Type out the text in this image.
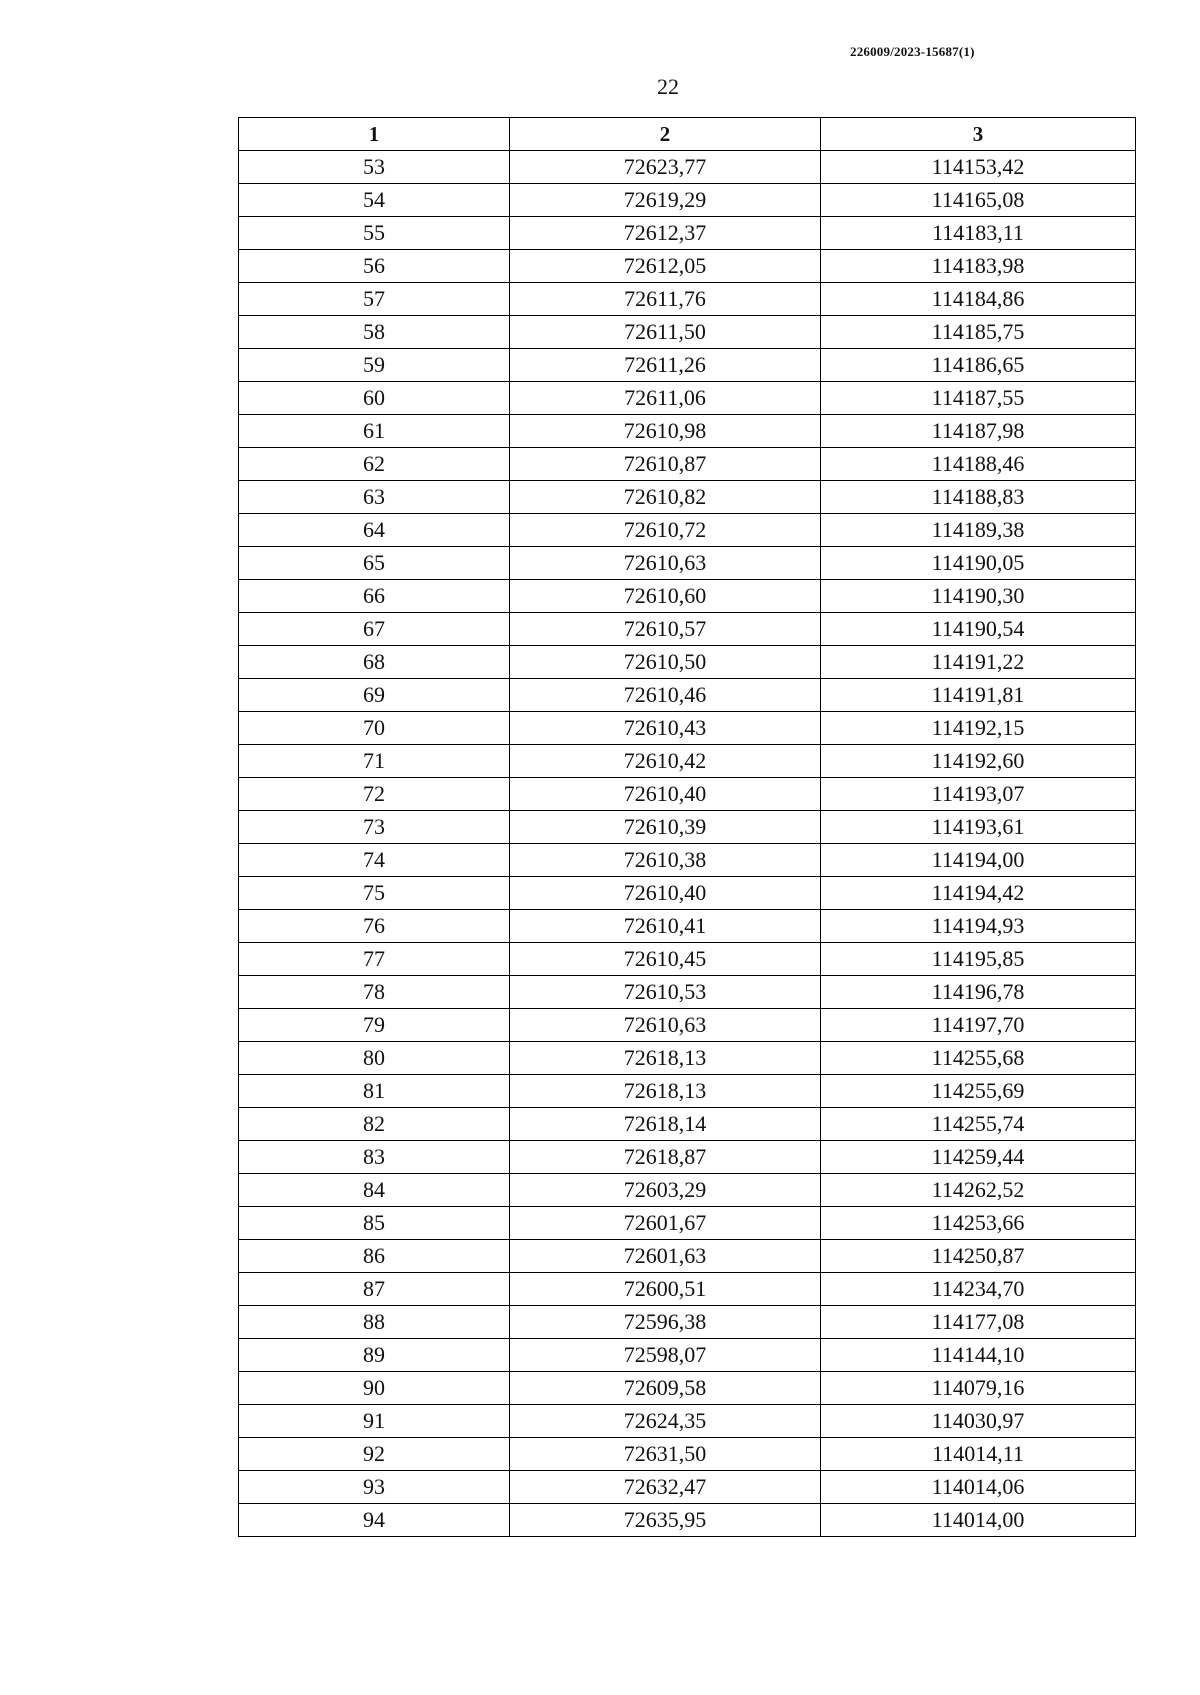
226009/2023-15687(1)
22
1	2	3
53	72623,77	114153,42
54	72619,29	114165,08
55	72612,37	114183,11
56	72612,05	114183,98
57	72611,76	114184,86
58	72611,50	114185,75
59	72611,26	114186,65
60	72611,06	114187,55
61	72610,98	114187,98
62	72610,87	114188,46
63	72610,82	114188,83
64	72610,72	114189,38
65	72610,63	114190,05
66	72610,60	114190,30
67	72610,57	114190,54
68	72610,50	114191,22
69	72610,46	114191,81
70	72610,43	114192,15
71	72610,42	114192,60
72	72610,40	114193,07
73	72610,39	114193,61
74	72610,38	114194,00
75	72610,40	114194,42
76	72610,41	114194,93
77	72610,45	114195,85
78	72610,53	114196,78
79	72610,63	114197,70
80	72618,13	114255,68
81	72618,13	114255,69
82	72618,14	114255,74
83	72618,87	114259,44
84	72603,29	114262,52
85	72601,67	114253,66
86	72601,63	114250,87
87	72600,51	114234,70
88	72596,38	114177,08
89	72598,07	114144,10
90	72609,58	114079,16
91	72624,35	114030,97
92	72631,50	114014,11
93	72632,47	114014,06
94	72635,95	114014,00
